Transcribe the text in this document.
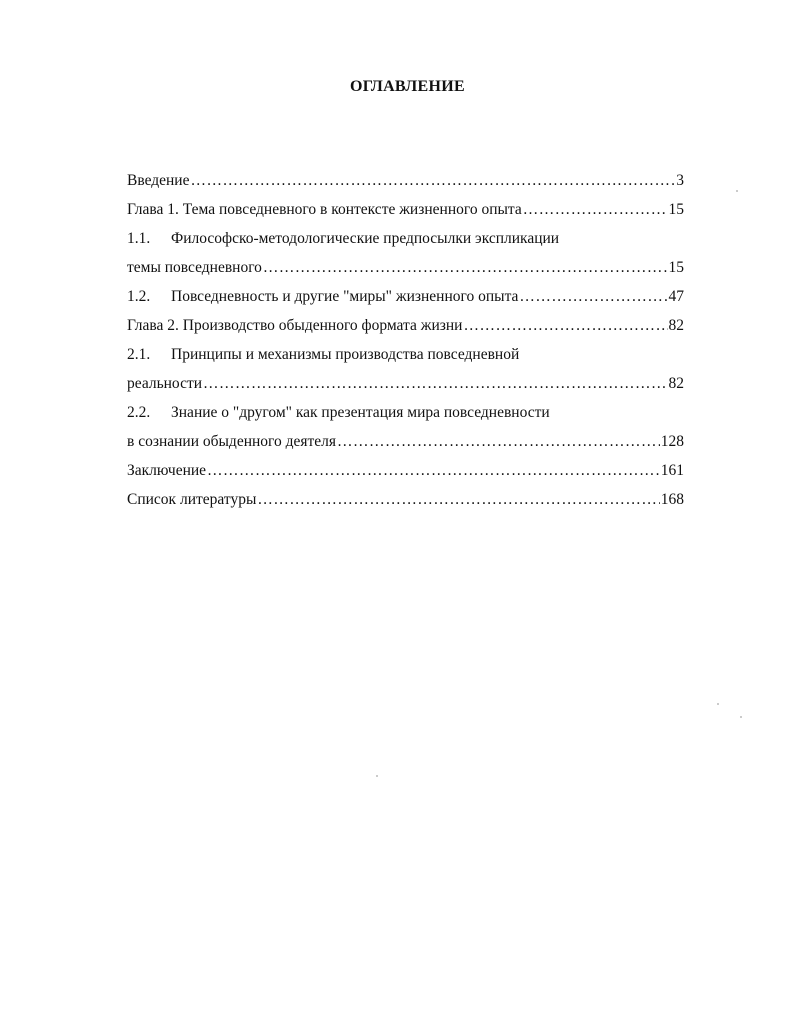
ОГЛАВЛЕНИЕ
Введение …………………………………………………………………………………………………………………………………………………………	3
Глава 1. Тема повседневного в контексте жизненного опыта …………………………………………………………………………………………………………………………………………………………	15
1.1.	Философско-методологические предпосылки экспликации
темы повседневного …………………………………………………………………………………………………………………………………………………………	15
1.2.	Повседневность и другие "миры" жизненного опыта …………………………………………………………………………………………………………………………………………………………	47
Глава 2. Производство обыденного формата жизни …………………………………………………………………………………………………………………………………………………………	82
2.1.	Принципы и механизмы производства повседневной
реальности …………………………………………………………………………………………………………………………………………………………	82
2.2.	Знание о "другом" как презентация мира повседневности
в сознании обыденного деятеля …………………………………………………………………………………………………………………………………………………………	128
Заключение …………………………………………………………………………………………………………………………………………………………	161
Список литературы …………………………………………………………………………………………………………………………………………………………	168
